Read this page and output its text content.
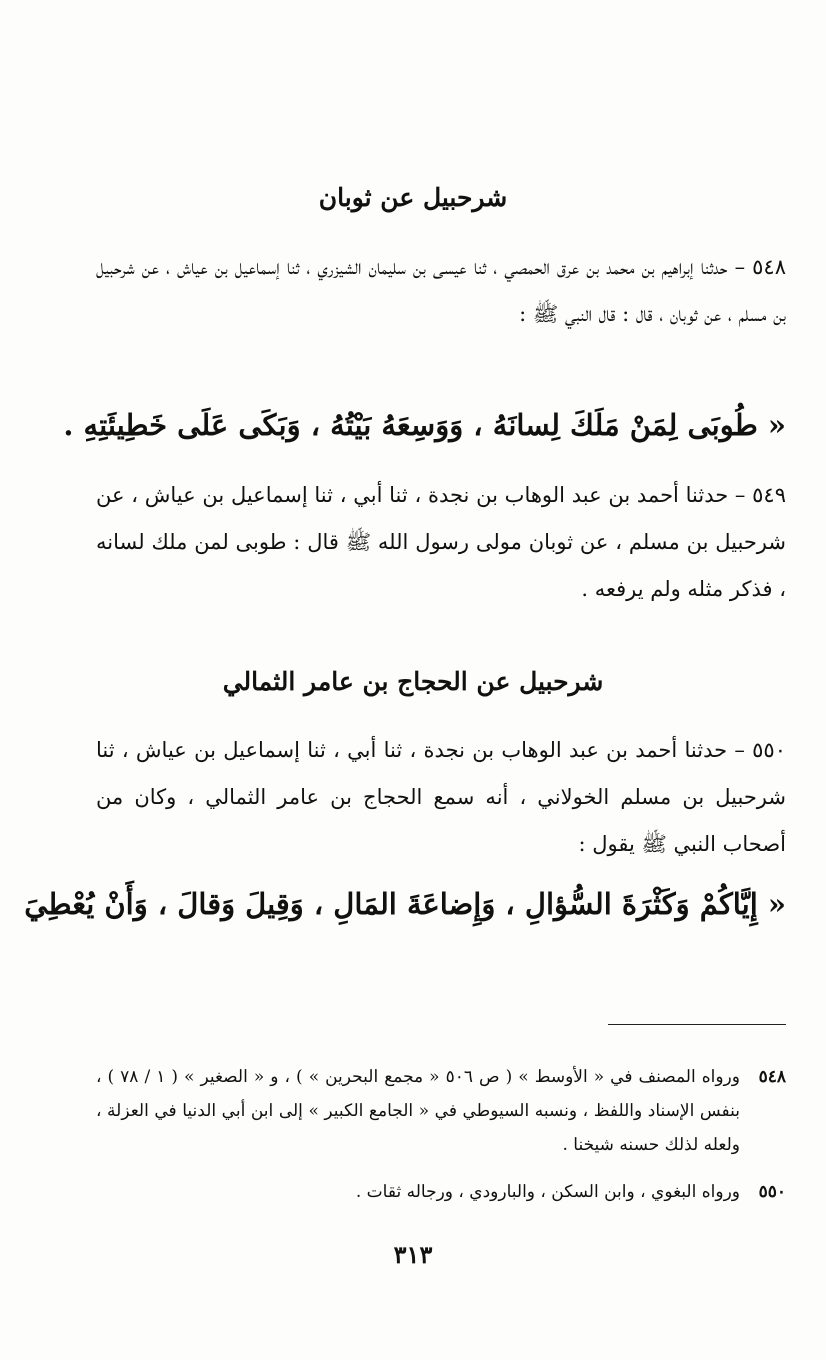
شرحبيل عن ثوبان
٥٤٨ – حدثنا إبراهيم بن محمد بن عرق الحمصي ، ثنا عيسى بن سليمان الشيزري ، ثنا إسماعيل بن عياش ، عن شرحبيل بن مسلم ، عن ثوبان ، قال : قال النبي ﷺ :
« طُوبَى لِمَنْ مَلَكَ لِسانَهُ ، وَوَسِعَهُ بَيْتُهُ ، وَبَكَى عَلَى خَطِيئَتِهِ .
٥٤٩ – حدثنا أحمد بن عبد الوهاب بن نجدة ، ثنا أبي ، ثنا إسماعيل بن عياش ، عن شرحبيل بن مسلم ، عن ثوبان مولى رسول الله ﷺ قال : طوبى لمن ملك لسانه ، فذكر مثله ولم يرفعه .
شرحبيل عن الحجاج بن عامر الثمالي
٥٥٠ – حدثنا أحمد بن عبد الوهاب بن نجدة ، ثنا أبي ، ثنا إسماعيل بن عياش ، ثنا شرحبيل بن مسلم الخولاني ، أنه سمع الحجاج بن عامر الثمالي ، وكان من أصحاب النبي ﷺ يقول :
« إِيَّاكُمْ وَكَثْرَةَ السُّؤالِ ، وَإِضاعَةَ المَالِ ، وَقِيلَ وَقالَ ، وَأَنْ يُعْطِيَ
٥٤٨
ورواه المصنف في « الأوسط » ( ص ٥٠٦ « مجمع البحرين » ) ، و « الصغير » ( ١ / ٧٨ ) ، بنفس الإسناد واللفظ ، ونسبه السيوطي في « الجامع الكبير » إلى ابن أبي الدنيا في العزلة ، ولعله لذلك حسنه شيخنا .
٥٥٠
ورواه البغوي ، وابن السكن ، والبارودي ، ورجاله ثقات .
٣١٣
